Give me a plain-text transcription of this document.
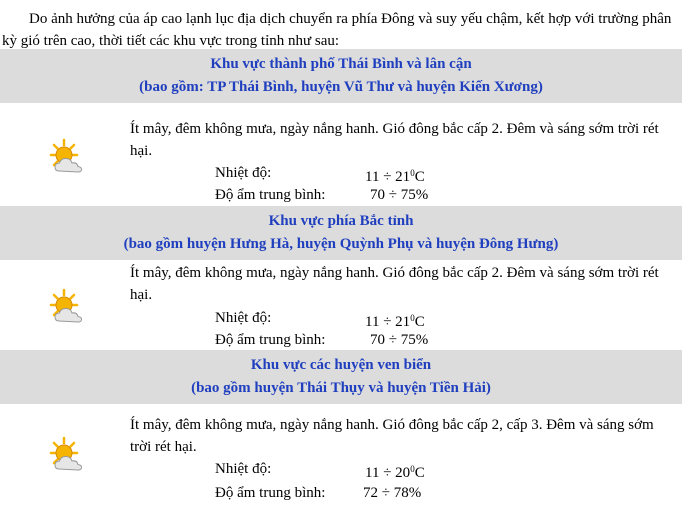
Do ảnh hưởng của áp cao lạnh lục địa dịch chuyển ra phía Đông và suy yếu chậm, kết hợp với trường phân kỳ gió trên cao, thời tiết các khu vực trong tỉnh như sau:
Khu vực thành phố Thái Bình và lân cận
(bao gồm: TP Thái Bình, huyện Vũ Thư và huyện Kiến Xương)
Ít mây, đêm không mưa, ngày nắng hanh. Gió đông bắc cấp 2. Đêm và sáng sớm trời rét hại.
Nhiệt độ:	$11 \div 21^0C$
Độ ẩm trung bình:	70 ÷ 75%
Khu vực phía Bắc tỉnh
(bao gồm huyện Hưng Hà, huyện Quỳnh Phụ và huyện Đông Hưng)
Ít mây, đêm không mưa, ngày nắng hanh. Gió đông bắc cấp 2. Đêm và sáng sớm trời rét hại.
Nhiệt độ:	$11 \div 21^0C$
Độ ẩm trung bình:	70 ÷ 75%
Khu vực các huyện ven biển
(bao gồm huyện Thái Thụy và huyện Tiền Hải)
Ít mây, đêm không mưa, ngày nắng hanh. Gió đông bắc cấp 2, cấp 3. Đêm và sáng sớm trời rét hại.
Nhiệt độ:	$11 \div 20^0C$
Độ ẩm trung bình:	72 ÷ 78%
